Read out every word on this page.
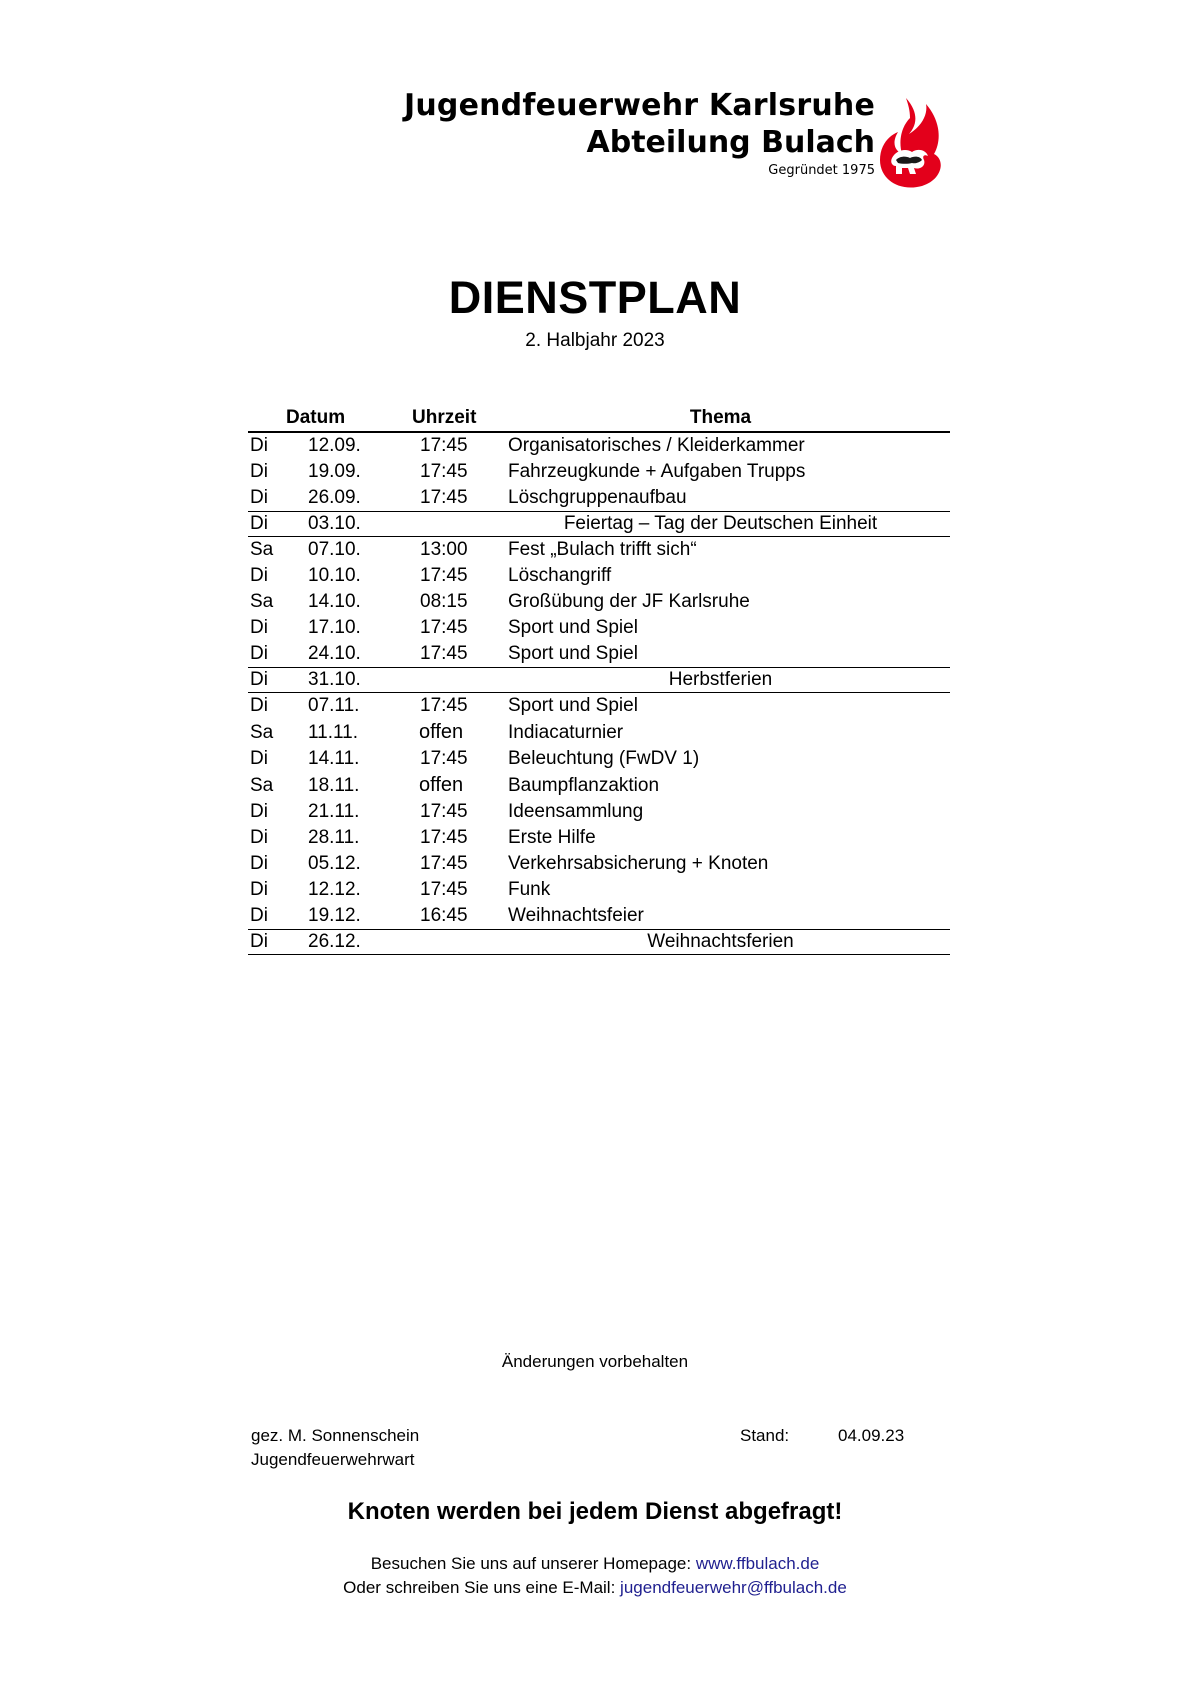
Jugendfeuerwehr Karlsruhe
Abteilung Bulach
Gegründet 1975
DIENSTPLAN
2. Halbjahr 2023
Datum	Uhrzeit	Thema
Di 12.09.	17:45 Organisatorisches / Kleiderkammer
Di 19.09.	17:45 Fahrzeugkunde + Aufgaben Trupps
Di 26.09.	17:45 Löschgruppenaufbau
Di 03.10.	Feiertag – Tag der Deutschen Einheit
Sa 07.10.	13:00 Fest „Bulach trifft sich“
Di 10.10.	17:45 Löschangriff
Sa 14.10.	08:15 Großübung der JF Karlsruhe
Di 17.10.	17:45 Sport und Spiel
Di 24.10.	17:45 Sport und Spiel
Di 31.10.	Herbstferien
Di 07.11.	17:45 Sport und Spiel
Sa 11.11.	offen Indiacaturnier
Di 14.11.	17:45 Beleuchtung (FwDV 1)
Sa 18.11.	offen Baumpflanzaktion
Di 21.11.	17:45 Ideensammlung
Di 28.11.	17:45 Erste Hilfe
Di 05.12.	17:45 Verkehrsabsicherung + Knoten
Di 12.12.	17:45 Funk
Di 19.12.	16:45 Weihnachtsfeier
Di 26.12.	Weihnachtsferien
Änderungen vorbehalten
gez. M. Sonnenschein
Jugendfeuerwehrwart
Stand:	04.09.23
Knoten werden bei jedem Dienst abgefragt!
Besuchen Sie uns auf unserer Homepage: www.ffbulach.de
Oder schreiben Sie uns eine E-Mail: jugendfeuerwehr@ffbulach.de
